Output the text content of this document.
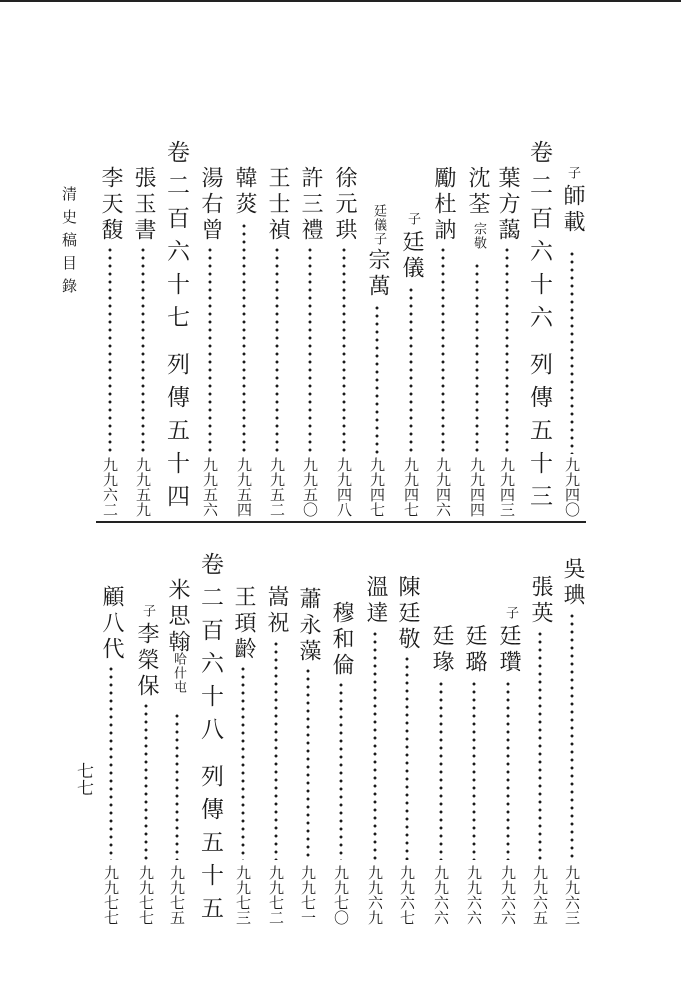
清史稿目錄
七七
子
師載
九九四〇
卷二百六十六列傳五十三
葉方藹
九九四三
沈荃
宗敬
九九四四
勵杜訥
九九四六
子
廷儀
九九四七
廷儀子
宗萬
九九四七
徐元珙
九九四八
許三禮
九九五〇
王士禎
九九五二
韓菼
九九五四
湯右曾
九九五六
卷二百六十七列傳五十四
張玉書
九九五九
李天馥
九九六二
吳琠
九九六三
張英
九九六五
子
廷瓚
九九六六
廷璐
九九六六
廷瑑
九九六六
陳廷敬
九九六七
溫達
九九六九
穆和倫
九九七〇
蕭永藻
九九七一
嵩祝
九九七二
王頊齡
九九七三
卷二百六十八列傳五十五
米思翰
哈什屯
九九七五
子
李榮保
九九七七
顧八代
九九七七
